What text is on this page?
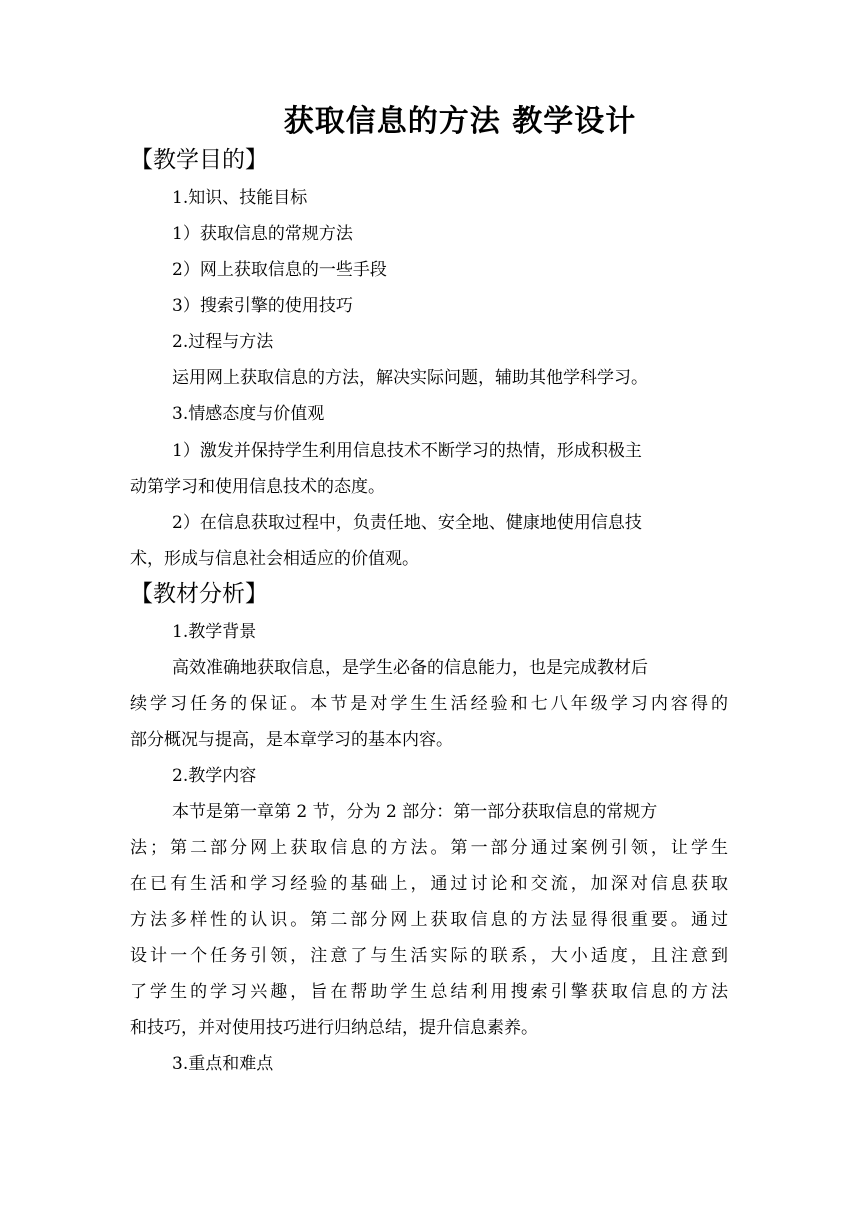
获取信息的方法 教学设计
【教学目的】

1.知识、技能目标

1）获取信息的常规方法

2）网上获取信息的一些手段

3）搜索引擎的使用技巧

2.过程与方法

运用网上获取信息的方法，解决实际问题，辅助其他学科学习。

3.情感态度与价值观

1）激发并保持学生利用信息技术不断学习的热情，形成积极主

动第学习和使用信息技术的态度。

2）在信息获取过程中，负责任地、安全地、健康地使用信息技

术，形成与信息社会相适应的价值观。

【教材分析】

1.教学背景

高效准确地获取信息，是学生必备的信息能力，也是完成教材后

续学习任务的保证。本节是对学生生活经验和七八年级学习内容得的

部分概况与提高，是本章学习的基本内容。

2.教学内容

本节是第一章第 2 节，分为 2 部分：第一部分获取信息的常规方

法；第二部分网上获取信息的方法。第一部分通过案例引领，让学生

在已有生活和学习经验的基础上，通过讨论和交流，加深对信息获取

方法多样性的认识。第二部分网上获取信息的方法显得很重要。通过

设计一个任务引领，注意了与生活实际的联系，大小适度，且注意到

了学生的学习兴趣，旨在帮助学生总结利用搜索引擎获取信息的方法

和技巧，并对使用技巧进行归纳总结，提升信息素养。

3.重点和难点
